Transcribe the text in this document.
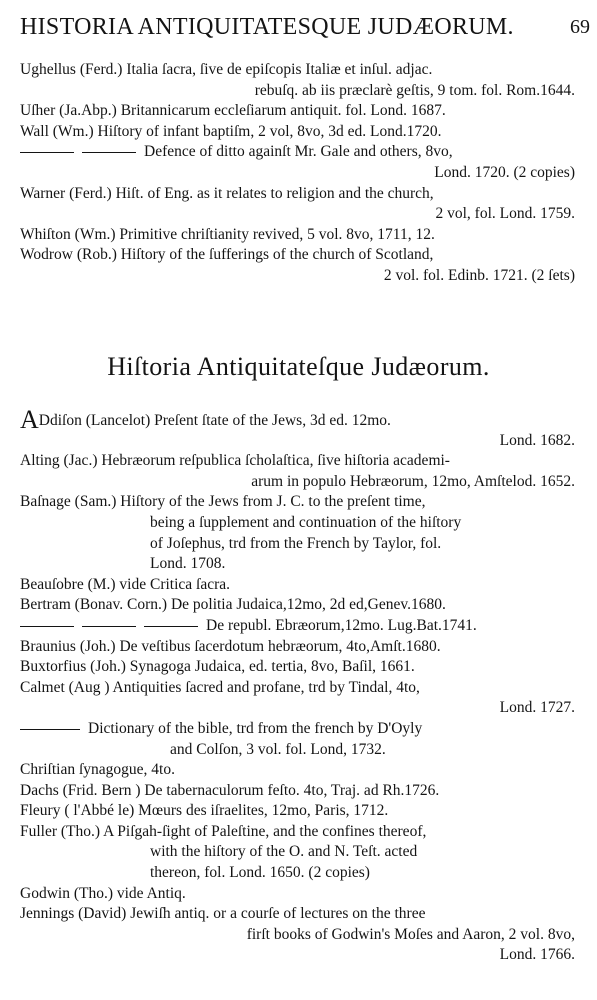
HISTORIA ANTIQUITATESQUE JUDÆORUM.	69
Ughellus (Ferd.) Italia ſacra, ſive de epiſcopis Italiæ et inſul. adjac.
rebuſq. ab iis præclarè geſtis, 9 tom. fol. Rom.1644.
Uſher (Ja.Abp.) Britannicarum eccleſiarum antiquit. fol. Lond. 1687.
Wall (Wm.) Hiſtory of infant baptiſm, 2 vol, 8vo, 3d ed. Lond.1720.
Defence of ditto againſt Mr. Gale and others, 8vo,
Lond. 1720. (2 copies)
Warner (Ferd.) Hiſt. of Eng. as it relates to religion and the church,
2 vol, fol. Lond. 1759.
Whiſton (Wm.) Primitive chriſtianity revived, 5 vol. 8vo, 1711, 12.
Wodrow (Rob.) Hiſtory of the ſufferings of the church of Scotland,
2 vol. fol. Edinb. 1721. (2 ſets)
Hiſtoria Antiquitateſque Judæorum.
ADdiſon (Lancelot) Preſent ſtate of the Jews, 3d ed. 12mo.
Lond. 1682.
Alting (Jac.) Hebræorum reſpublica ſcholaſtica, ſive hiſtoria academi-
arum in populo Hebræorum, 12mo, Amſtelod. 1652.
Baſnage (Sam.) Hiſtory of the Jews from J. C. to the preſent time,
being a ſupplement and continuation of the hiſtory
of Joſephus, trd from the French by Taylor, fol.
Lond. 1708.
Beauſobre (M.) vide Critica ſacra.
Bertram (Bonav. Corn.) De politia Judaica,12mo, 2d ed,Genev.1680.
De republ. Ebræorum,12mo. Lug.Bat.1741.
Braunius (Joh.) De veſtibus ſacerdotum hebræorum, 4to,Amſt.1680.
Buxtorfius (Joh.) Synagoga Judaica, ed. tertia, 8vo, Baſil, 1661.
Calmet (Aug ) Antiquities ſacred and profane, trd by Tindal, 4to,
Lond. 1727.
Dictionary of the bible, trd from the french by D'Oyly
and Colſon, 3 vol. fol. Lond, 1732.
Chriſtian ſynagogue, 4to.
Dachs (Frid. Bern ) De tabernaculorum feſto. 4to, Traj. ad Rh.1726.
Fleury ( l'Abbé le) Mœurs des iſraelites, 12mo, Paris, 1712.
Fuller (Tho.) A Piſgah-ſight of Paleſtine, and the confines thereof,
with the hiſtory of the O. and N. Teſt. acted
thereon, fol. Lond. 1650. (2 copies)
Godwin (Tho.) vide Antiq.
Jennings (David) Jewiſh antiq. or a courſe of lectures on the three
firſt books of Godwin's Moſes and Aaron, 2 vol. 8vo,
Lond. 1766.
